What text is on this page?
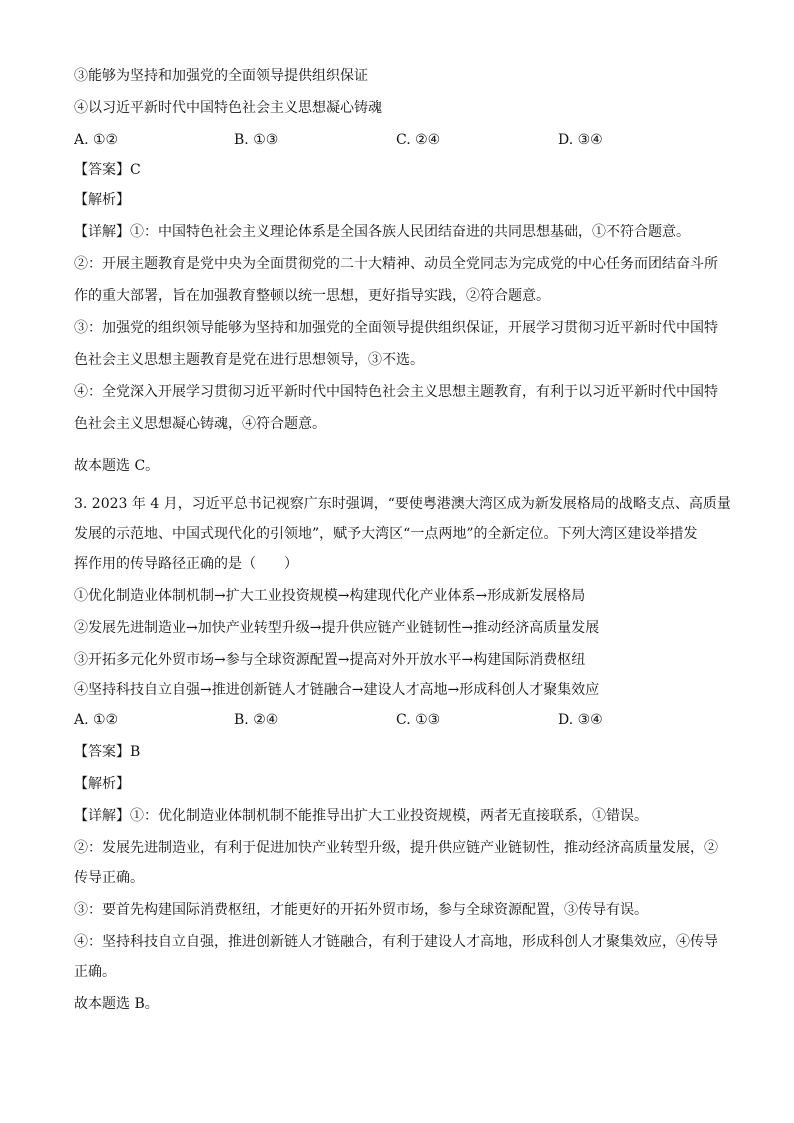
③能够为坚持和加强党的全面领导提供组织保证
④以习近平新时代中国特色社会主义思想凝心铸魂
A. ①②	B. ①③	C. ②④	D. ③④
【答案】C
【解析】
【详解】①：中国特色社会主义理论体系是全国各族人民团结奋进的共同思想基础，①不符合题意。
②：开展主题教育是党中央为全面贯彻党的二十大精神、动员全党同志为完成党的中心任务而团结奋斗所
作的重大部署，旨在加强教育整顿以统一思想，更好指导实践，②符合题意。
③：加强党的组织领导能够为坚持和加强党的全面领导提供组织保证，开展学习贯彻习近平新时代中国特
色社会主义思想主题教育是党在进行思想领导，③不选。
④：全党深入开展学习贯彻习近平新时代中国特色社会主义思想主题教育，有利于以习近平新时代中国特
色社会主义思想凝心铸魂，④符合题意。
故本题选 C。
3. 2023 年 4 月，习近平总书记视察广东时强调，“要使粤港澳大湾区成为新发展格局的战略支点、高质量
发展的示范地、中国式现代化的引领地”，赋予大湾区“一点两地”的全新定位。下列大湾区建设举措发
挥作用的传导路径正确的是（　　）
①优化制造业体制机制→扩大工业投资规模→构建现代化产业体系→形成新发展格局
②发展先进制造业→加快产业转型升级→提升供应链产业链韧性→推动经济高质量发展
③开拓多元化外贸市场→参与全球资源配置→提高对外开放水平→构建国际消费枢纽
④坚持科技自立自强→推进创新链人才链融合→建设人才高地→形成科创人才聚集效应
A. ①②	B. ②④	C. ①③	D. ③④
【答案】B
【解析】
【详解】①：优化制造业体制机制不能推导出扩大工业投资规模，两者无直接联系，①错误。
②：发展先进制造业，有利于促进加快产业转型升级，提升供应链产业链韧性，推动经济高质量发展，②
传导正确。
③：要首先构建国际消费枢纽，才能更好的开拓外贸市场，参与全球资源配置，③传导有误。
④：坚持科技自立自强，推进创新链人才链融合，有利于建设人才高地，形成科创人才聚集效应，④传导
正确。
故本题选 B。
